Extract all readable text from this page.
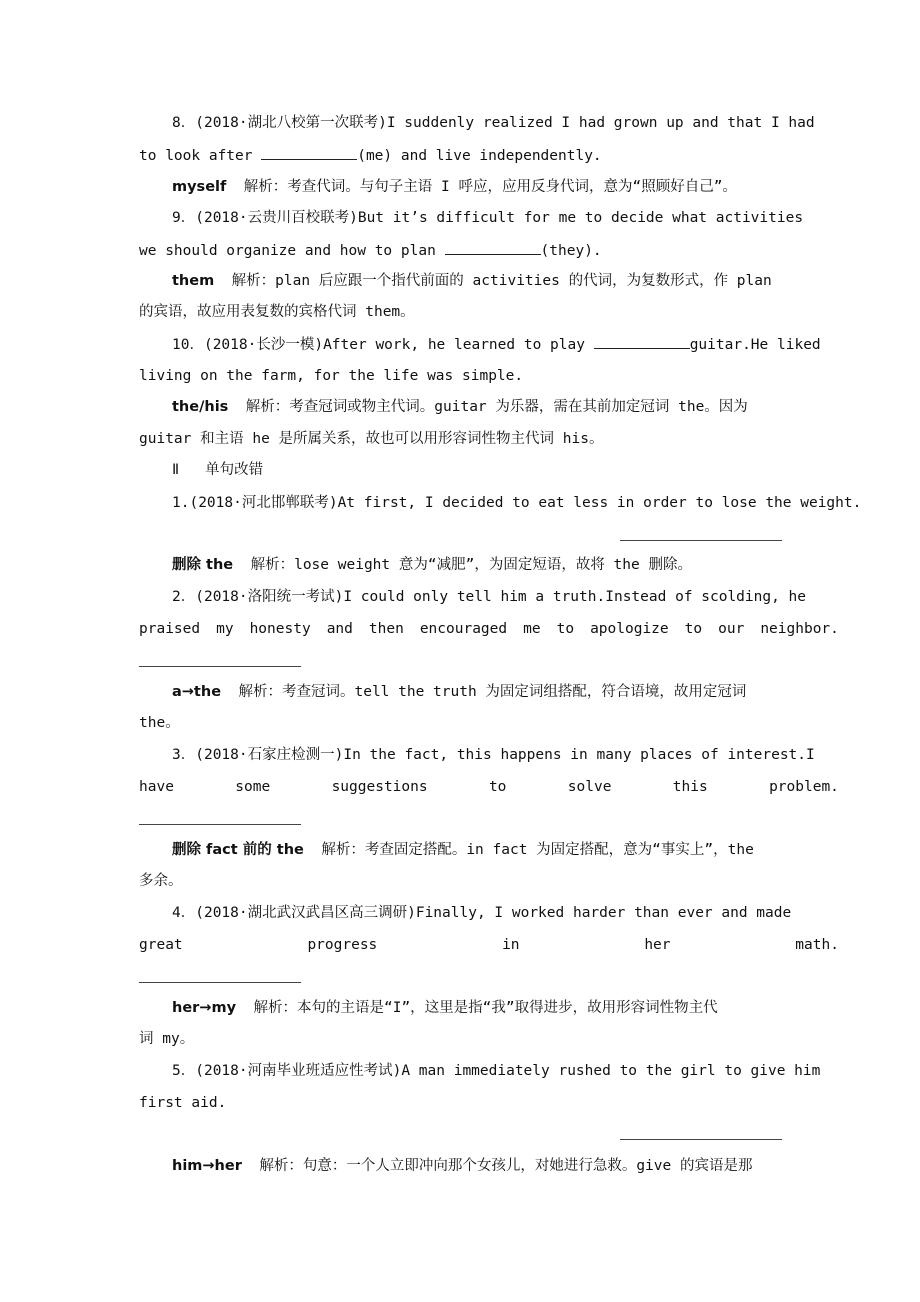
8．(2018·湖北八校第一次联考)I suddenly realized I had grown up and that I had
to look after	(me) and live independently.
myself  解析：考查代词。与句子主语 I 呼应，应用反身代词，意为“照顾好自己”。
9．(2018·云贵川百校联考)But it’s difficult for me to decide what activities
we should organize and how to plan	(they).
them  解析：plan 后应跟一个指代前面的 activities 的代词，为复数形式，作 plan
的宾语，故应用表复数的宾格代词 them。
10．(2018·长沙一模)After work, he learned to play	guitar.He liked
living on the farm, for the life was simple.
the/his  解析：考查冠词或物主代词。guitar 为乐器，需在其前加定冠词 the。因为
guitar 和主语 he 是所属关系，故也可以用形容词性物主代词 his。
Ⅱ 单句改错
1.(2018·河北邯郸联考)At first, I decided to eat less in order to lose the weight.
删除 the  解析：lose weight 意为“减肥”，为固定短语，故将 the 删除。
2．(2018·洛阳统一考试)I could only tell him a truth.Instead of scolding, he
praised my honesty and then encouraged me to apologize to our neighbor.
a→the  解析：考查冠词。tell the truth 为固定词组搭配，符合语境，故用定冠词
the。
3．(2018·石家庄检测一)In the fact, this happens in many places of interest.I
have	some	suggestions	to	solve	this	problem.
删除 fact 前的 the  解析：考查固定搭配。in fact 为固定搭配，意为“事实上”，the
多余。
4．(2018·湖北武汉武昌区高三调研)Finally, I worked harder than ever and made
great	progress	in	her	math.
her→my  解析：本句的主语是“I”，这里是指“我”取得进步，故用形容词性物主代
词 my。
5．(2018·河南毕业班适应性考试)A man immediately rushed to the girl to give him
first aid.
him→her  解析：句意：一个人立即冲向那个女孩儿，对她进行急救。give 的宾语是那
